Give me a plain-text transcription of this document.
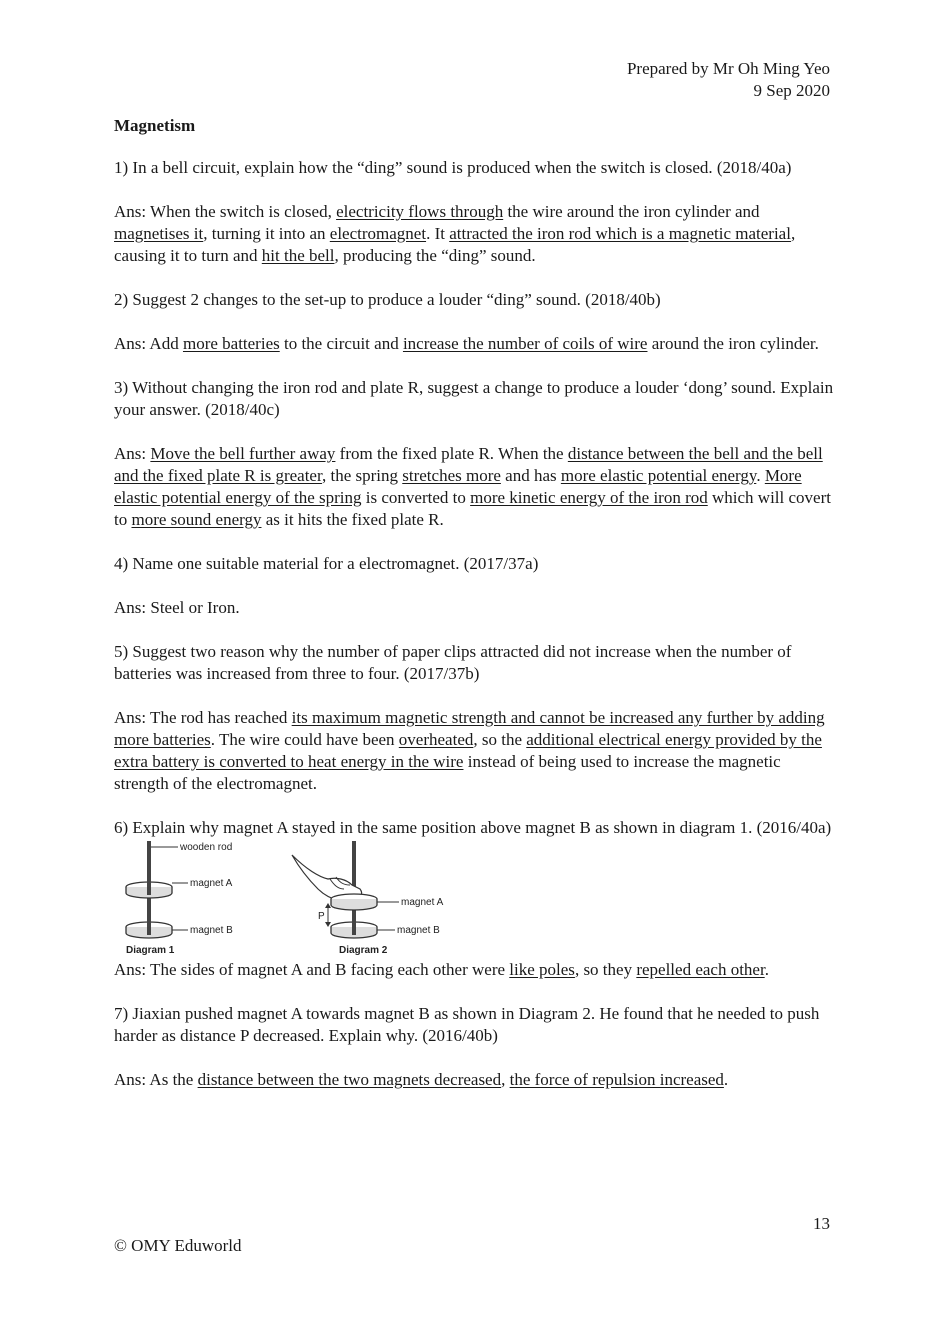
Prepared by Mr Oh Ming Yeo
9 Sep 2020
Magnetism

1) In a bell circuit, explain how the “ding” sound is produced when the switch is closed. (2018/40a)

Ans: When the switch is closed, electricity flows through the wire around the iron cylinder and magnetises it, turning it into an electromagnet. It attracted the iron rod which is a magnetic material, causing it to turn and hit the bell, producing the “ding” sound.

2) Suggest 2 changes to the set-up to produce a louder “ding” sound. (2018/40b)

Ans: Add more batteries to the circuit and increase the number of coils of wire around the iron cylinder.

3) Without changing the iron rod and plate R, suggest a change to produce a louder ‘dong’ sound. Explain your answer. (2018/40c)

Ans: Move the bell further away from the fixed plate R. When the distance between the bell and the bell and the fixed plate R is greater, the spring stretches more and has more elastic potential energy. More elastic potential energy of the spring is converted to more kinetic energy of the iron rod which will covert to more sound energy as it hits the fixed plate R.

4) Name one suitable material for a electromagnet. (2017/37a)

Ans: Steel or Iron.

5) Suggest two reason why the number of paper clips attracted did not increase when the number of batteries was increased from three to four. (2017/37b)

Ans: The rod has reached its maximum magnetic strength and cannot be increased any further by adding more batteries. The wire could have been overheated, so the additional electrical energy provided by the extra battery is converted to heat energy in the wire instead of being used to increase the magnetic strength of the electromagnet.

6) Explain why magnet A stayed in the same position above magnet B as shown in diagram 1. (2016/40a)

wooden rod
magnet A
magnet B
Diagram 1
magnet A
P
magnet B
Diagram 2

Ans: The sides of magnet A and B facing each other were like poles, so they repelled each other.

7) Jiaxian pushed magnet A towards magnet B as shown in Diagram 2. He found that he needed to push harder as distance P decreased. Explain why. (2016/40b)

Ans: As the distance between the two magnets decreased, the force of repulsion increased.

13
© OMY Eduworld
